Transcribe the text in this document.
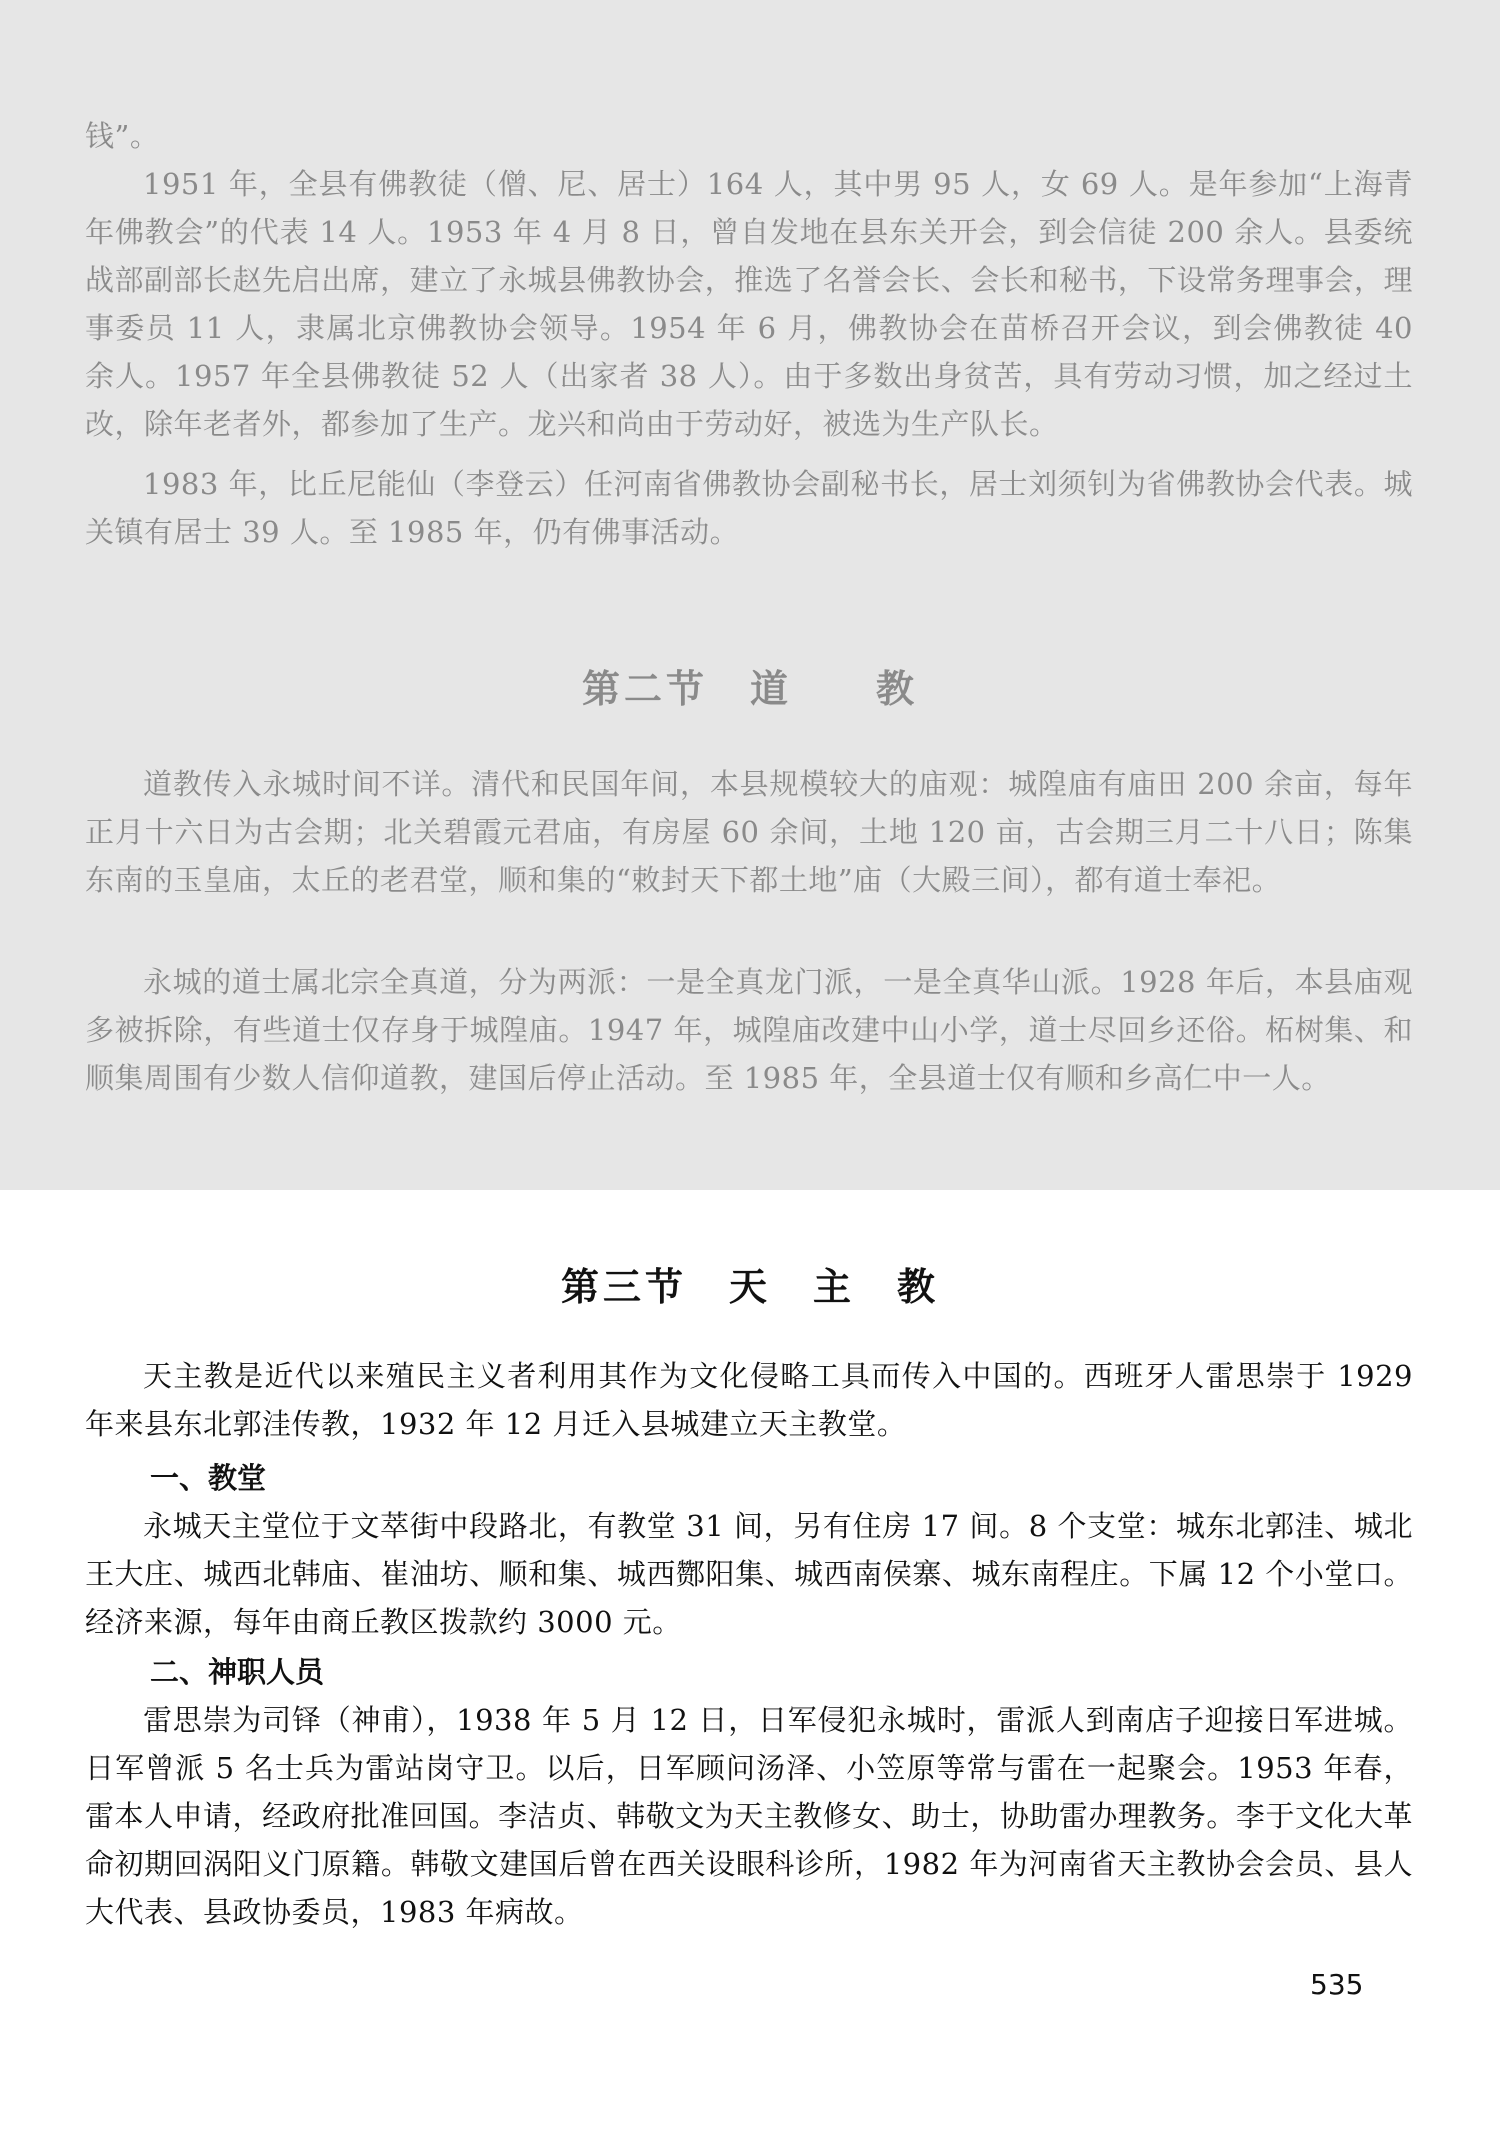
钱”。

1951 年，全县有佛教徒（僧、尼、居士）164 人，其中男 95 人，女 69 人。是年参加“上海青年佛教会”的代表 14 人。1953 年 4 月 8 日，曾自发地在县东关开会，到会信徒 200 余人。县委统战部副部长赵先启出席，建立了永城县佛教协会，推选了名誉会长、会长和秘书，下设常务理事会，理事委员 11 人，隶属北京佛教协会领导。1954 年 6 月，佛教协会在苗桥召开会议，到会佛教徒 40 余人。1957 年全县佛教徒 52 人（出家者 38 人）。由于多数出身贫苦，具有劳动习惯，加之经过土改，除年老者外，都参加了生产。龙兴和尚由于劳动好，被选为生产队长。

1983 年，比丘尼能仙（李登云）任河南省佛教协会副秘书长，居士刘须钊为省佛教协会代表。城关镇有居士 39 人。至 1985 年，仍有佛事活动。

第二节　道　　教

道教传入永城时间不详。清代和民国年间，本县规模较大的庙观：城隍庙有庙田 200 余亩，每年正月十六日为古会期；北关碧霞元君庙，有房屋 60 余间，土地 120 亩，古会期三月二十八日；陈集东南的玉皇庙，太丘的老君堂，顺和集的“敕封天下都土地”庙（大殿三间），都有道士奉祀。

永城的道士属北宗全真道，分为两派：一是全真龙门派，一是全真华山派。1928 年后，本县庙观多被拆除，有些道士仅存身于城隍庙。1947 年，城隍庙改建中山小学，道士尽回乡还俗。柘树集、和顺集周围有少数人信仰道教，建国后停止活动。至 1985 年，全县道士仅有顺和乡高仁中一人。

第三节　天　主　教

天主教是近代以来殖民主义者利用其作为文化侵略工具而传入中国的。西班牙人雷思崇于 1929 年来县东北郭洼传教，1932 年 12 月迁入县城建立天主教堂。

一、教堂

永城天主堂位于文萃街中段路北，有教堂 31 间，另有住房 17 间。8 个支堂：城东北郭洼、城北王大庄、城西北韩庙、崔油坊、顺和集、城西酂阳集、城西南侯寨、城东南程庄。下属 12 个小堂口。经济来源，每年由商丘教区拨款约 3000 元。

二、神职人员

雷思崇为司铎（神甫），1938 年 5 月 12 日，日军侵犯永城时，雷派人到南店子迎接日军进城。日军曾派 5 名士兵为雷站岗守卫。以后，日军顾问汤泽、小笠原等常与雷在一起聚会。1953 年春，雷本人申请，经政府批准回国。李洁贞、韩敬文为天主教修女、助士，协助雷办理教务。李于文化大革命初期回涡阳义门原籍。韩敬文建国后曾在西关设眼科诊所，1982 年为河南省天主教协会会员、县人大代表、县政协委员，1983 年病故。

535
